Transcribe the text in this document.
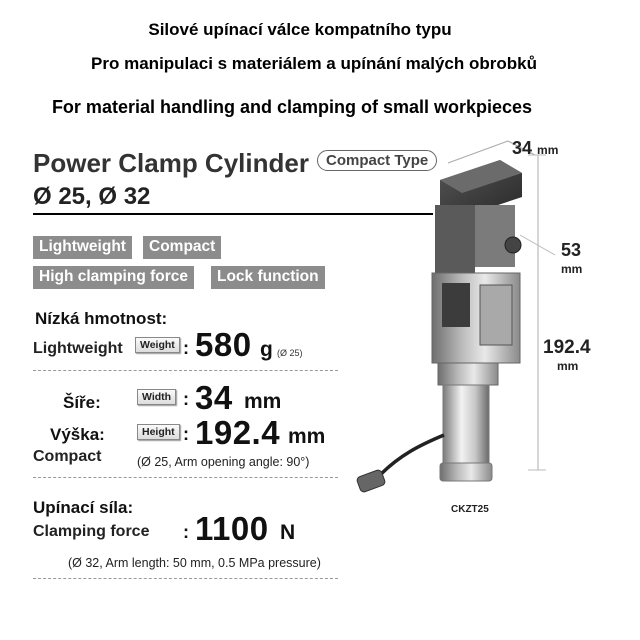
Silové upínací válce kompatního typu
Pro manipulaci s materiálem a upínání malých obrobků
For material handling and clamping of small workpieces
Power Clamp Cylinder	Compact Type
Ø 25, Ø 32
Lightweight	Compact
High clamping force	Lock function
Nízká hmotnost:
Lightweight	Weight : 580 g (Ø 25)
Šíře:	Width : 34 mm
Výška:	Height : 192.4 mm
Compact	(Ø 25, Arm opening angle: 90°)
Upínací síla:
Clamping force : 1100 N
(Ø 32, Arm length: 50 mm, 0.5 MPa pressure)
34 mm
53
mm
192.4
mm
CKZT25
